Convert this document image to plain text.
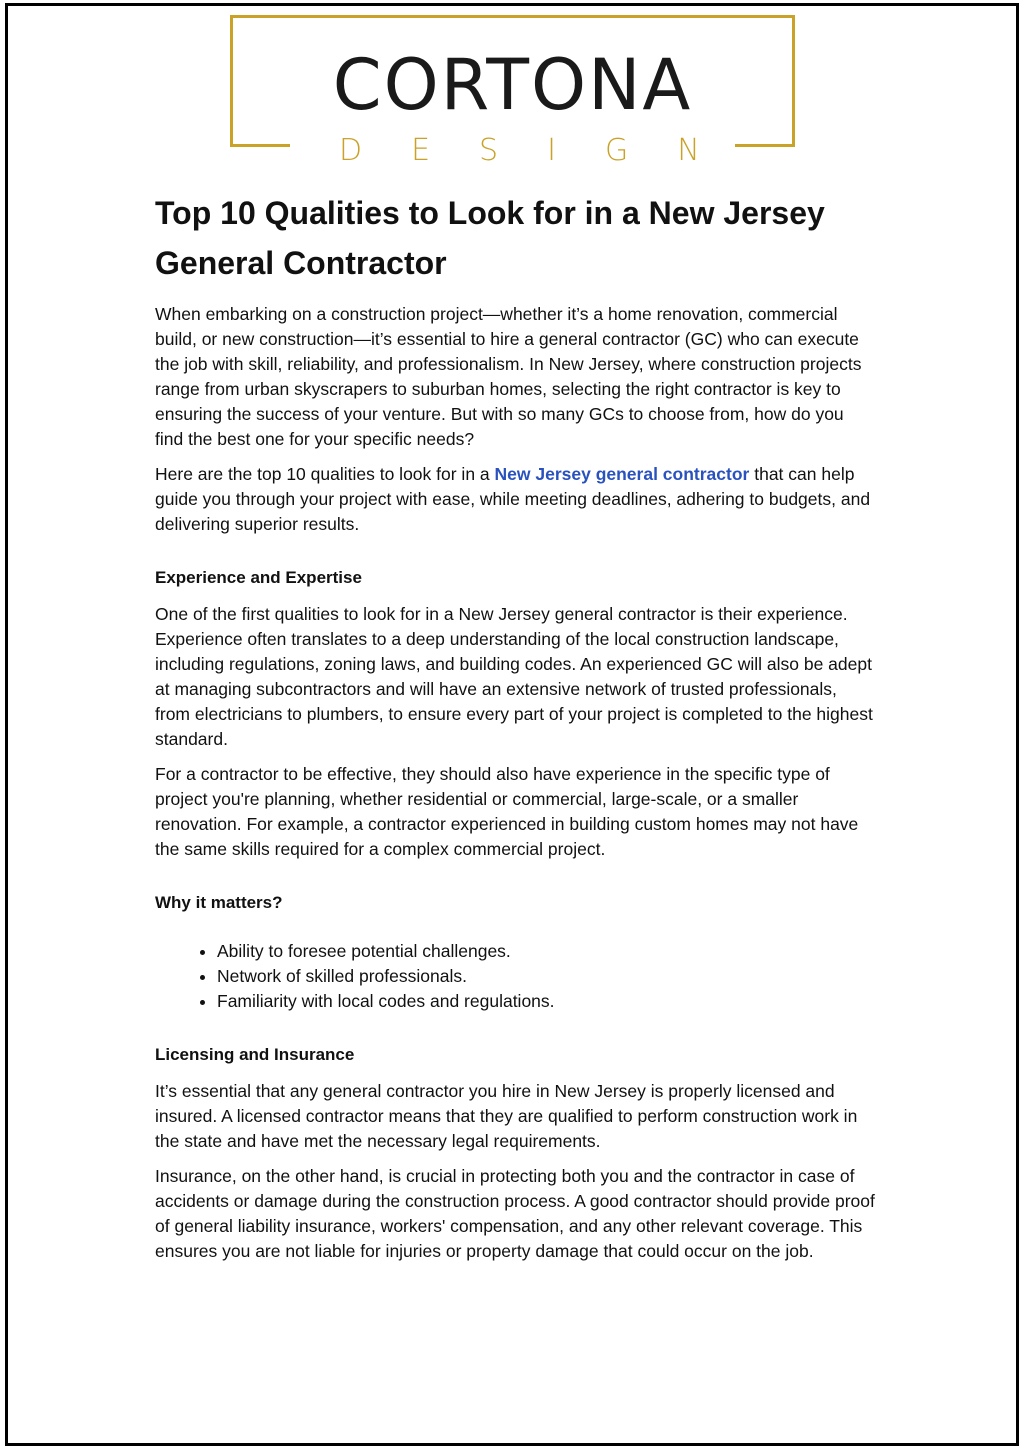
CORTONA
DESIGN
Top 10 Qualities to Look for in a New Jersey General Contractor

When embarking on a construction project—whether it’s a home renovation, commercial build, or new construction—it’s essential to hire a general contractor (GC) who can execute the job with skill, reliability, and professionalism. In New Jersey, where construction projects range from urban skyscrapers to suburban homes, selecting the right contractor is key to ensuring the success of your venture. But with so many GCs to choose from, how do you find the best one for your specific needs?

Here are the top 10 qualities to look for in a New Jersey general contractor that can help guide you through your project with ease, while meeting deadlines, adhering to budgets, and delivering superior results.

Experience and Expertise

One of the first qualities to look for in a New Jersey general contractor is their experience. Experience often translates to a deep understanding of the local construction landscape, including regulations, zoning laws, and building codes. An experienced GC will also be adept at managing subcontractors and will have an extensive network of trusted professionals, from electricians to plumbers, to ensure every part of your project is completed to the highest standard.

For a contractor to be effective, they should also have experience in the specific type of project you're planning, whether residential or commercial, large-scale, or a smaller renovation. For example, a contractor experienced in building custom homes may not have the same skills required for a complex commercial project.

Why it matters?
• Ability to foresee potential challenges.
• Network of skilled professionals.
• Familiarity with local codes and regulations.
Licensing and Insurance

It’s essential that any general contractor you hire in New Jersey is properly licensed and insured. A licensed contractor means that they are qualified to perform construction work in the state and have met the necessary legal requirements.

Insurance, on the other hand, is crucial in protecting both you and the contractor in case of accidents or damage during the construction process. A good contractor should provide proof of general liability insurance, workers' compensation, and any other relevant coverage. This ensures you are not liable for injuries or property damage that could occur on the job.
